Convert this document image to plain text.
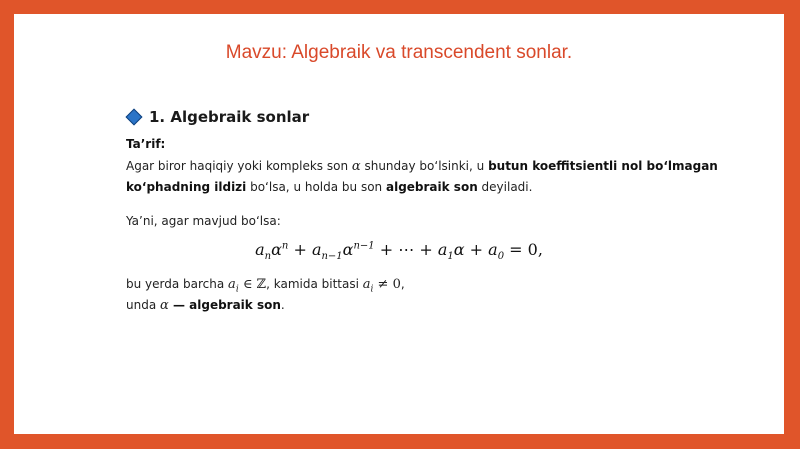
Mavzu: Algebraik va transcendent sonlar.
1. Algebraik sonlar
Ta’rif:
Agar biror haqiqiy yoki kompleks son α shunday bo‘lsinki, u butun koeffitsientli nol bo‘lmagan
ko‘phadning ildizi bo‘lsa, u holda bu son algebraik son deyiladi.
Ya’ni, agar mavjud bo‘lsa:
$a_n\alpha^n + a_{n-1}\alpha^{n-1}$ + ⋯ + $a_1\alpha + a_0 = 0$,
bu yerda barcha $a_i$ ∈ ℤ, kamida bittasi $a_i \ne 0$,
unda α — algebraik son.
